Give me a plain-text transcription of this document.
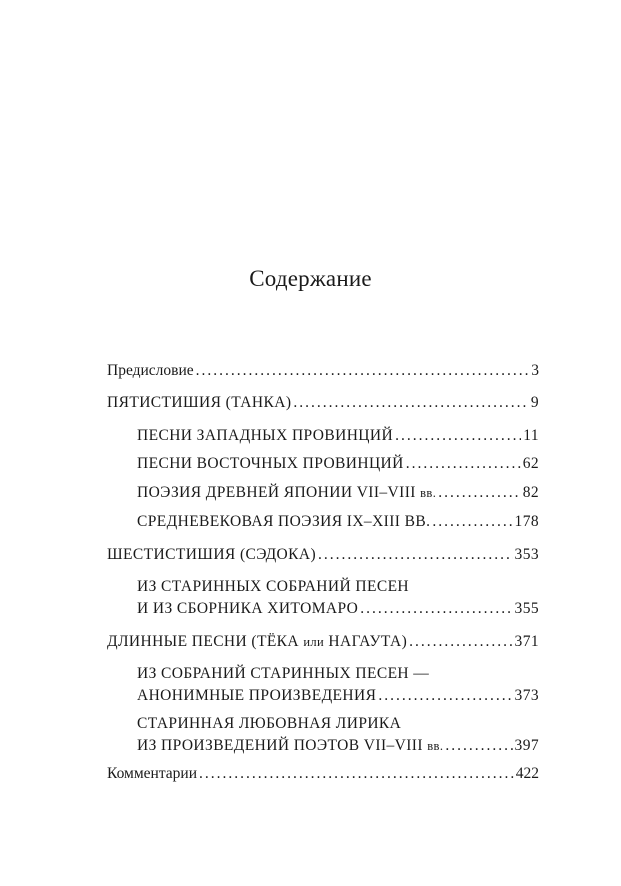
Содержание
Предисловие .....	3
ПЯТИСТИШИЯ (ТАНКА) .....	9
ПЕСНИ ЗАПАДНЫХ ПРОВИНЦИЙ .....	11
ПЕСНИ ВОСТОЧНЫХ ПРОВИНЦИЙ .....	62
ПОЭЗИЯ ДРЕВНЕЙ ЯПОНИИ VII–VIII вв. .....	82
СРЕДНЕВЕКОВАЯ ПОЭЗИЯ IX–XIII ВВ. .....	178
ШЕСТИСТИШИЯ (СЭДОКА) .....	353
ИЗ СТАРИННЫХ СОБРАНИЙ ПЕСЕН
И ИЗ СБОРНИКА ХИТОМАРО .....	355
ДЛИННЫЕ ПЕСНИ (ТЁКА или НАГАУТА) .....	371
ИЗ СОБРАНИЙ СТАРИННЫХ ПЕСЕН —
АНОНИМНЫЕ ПРОИЗВЕДЕНИЯ .....	373
СТАРИННАЯ ЛЮБОВНАЯ ЛИРИКА
ИЗ ПРОИЗВЕДЕНИЙ ПОЭТОВ VII–VIII вв. .....	397
Комментарии .....	422
